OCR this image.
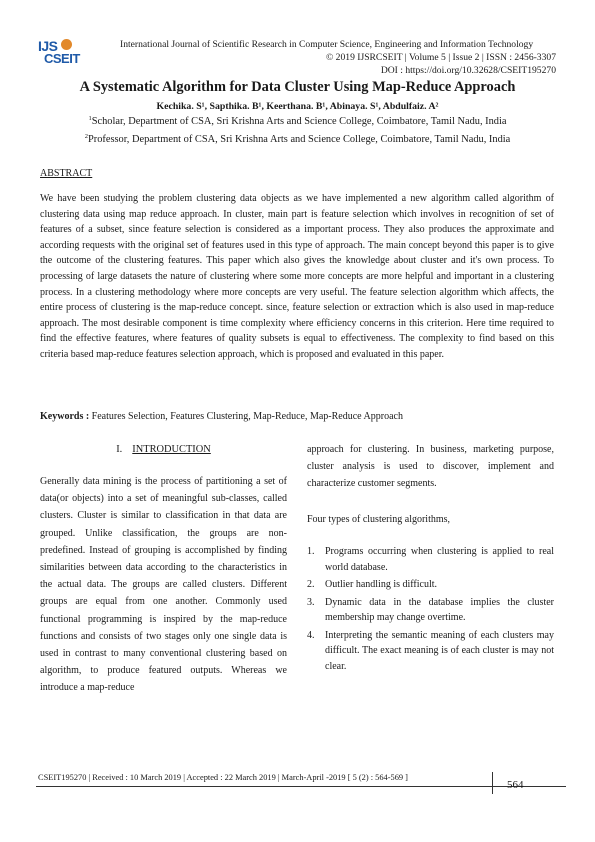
IJS
CSEIT
International Journal of Scientific Research in Computer Science, Engineering and Information Technology
© 2019 IJSRCSEIT | Volume 5 | Issue 2 | ISSN : 2456-3307
DOI : https://doi.org/10.32628/CSEIT195270
A Systematic Algorithm for Data Cluster Using Map-Reduce Approach
Kechika. S¹, Sapthika. B¹, Keerthana. B¹, Abinaya. S¹, Abdulfaiz. A²
$^1$Scholar, Department of CSA, Sri Krishna Arts and Science College, Coimbatore, Tamil Nadu, India
$^2$Professor, Department of CSA, Sri Krishna Arts and Science College, Coimbatore, Tamil Nadu, India
ABSTRACT
We have been studying the problem clustering data objects as we have implemented a new algorithm called algorithm of clustering data using map reduce approach. In cluster, main part is feature selection which involves in recognition of set of features of a subset, since feature selection is considered as a important process. They also produces the approximate and according requests with the original set of features used in this type of approach. The main concept beyond this paper is to give the outcome of the clustering features. This paper which also gives the knowledge about cluster and it's own process. To processing of large datasets the nature of clustering where some more concepts are more helpful and important in a clustering process. In a clustering methodology where more concepts are very useful. The feature selection algorithm which affects, the entire process of clustering is the map-reduce concept. since, feature selection or extraction which is also used in map-reduce approach. The most desirable component is time complexity where efficiency concerns in this criterion. Here time required to find the effective features, where features of quality subsets is equal to effectiveness. The complexity to find based on this criteria based map-reduce features selection approach, which is proposed and evaluated in this paper.
Keywords : Features Selection, Features Clustering, Map-Reduce, Map-Reduce Approach
I. INTRODUCTION
Generally data mining is the process of partitioning a set of data(or objects) into a set of meaningful sub-classes, called clusters. Cluster is similar to classification in that data are grouped. Unlike classification, the groups are non-predefined. Instead of grouping is accomplished by finding similarities between data according to the characteristics in the actual data. The groups are called clusters. Different groups are equal from one another. Commonly used functional programming is inspired by the map-reduce functions and consists of two stages only one single data is used in contrast to many conventional clustering based on algorithm, to produce featured outputs. Whereas we introduce a map-reduce
approach for clustering. In business, marketing purpose, cluster analysis is used to discover, implement and characterize customer segments.
Four types of clustering algorithms,
1. Programs occurring when clustering is applied to real world database.
2. Outlier handling is difficult.
3. Dynamic data in the database implies the cluster membership may change overtime.
4. Interpreting the semantic meaning of each clusters may difficult. The exact meaning is of each cluster is may not clear.
CSEIT195270 | Received : 10 March 2019 | Accepted : 22 March 2019 | March-April -2019 [ 5 (2) : 564-569 ]
564
